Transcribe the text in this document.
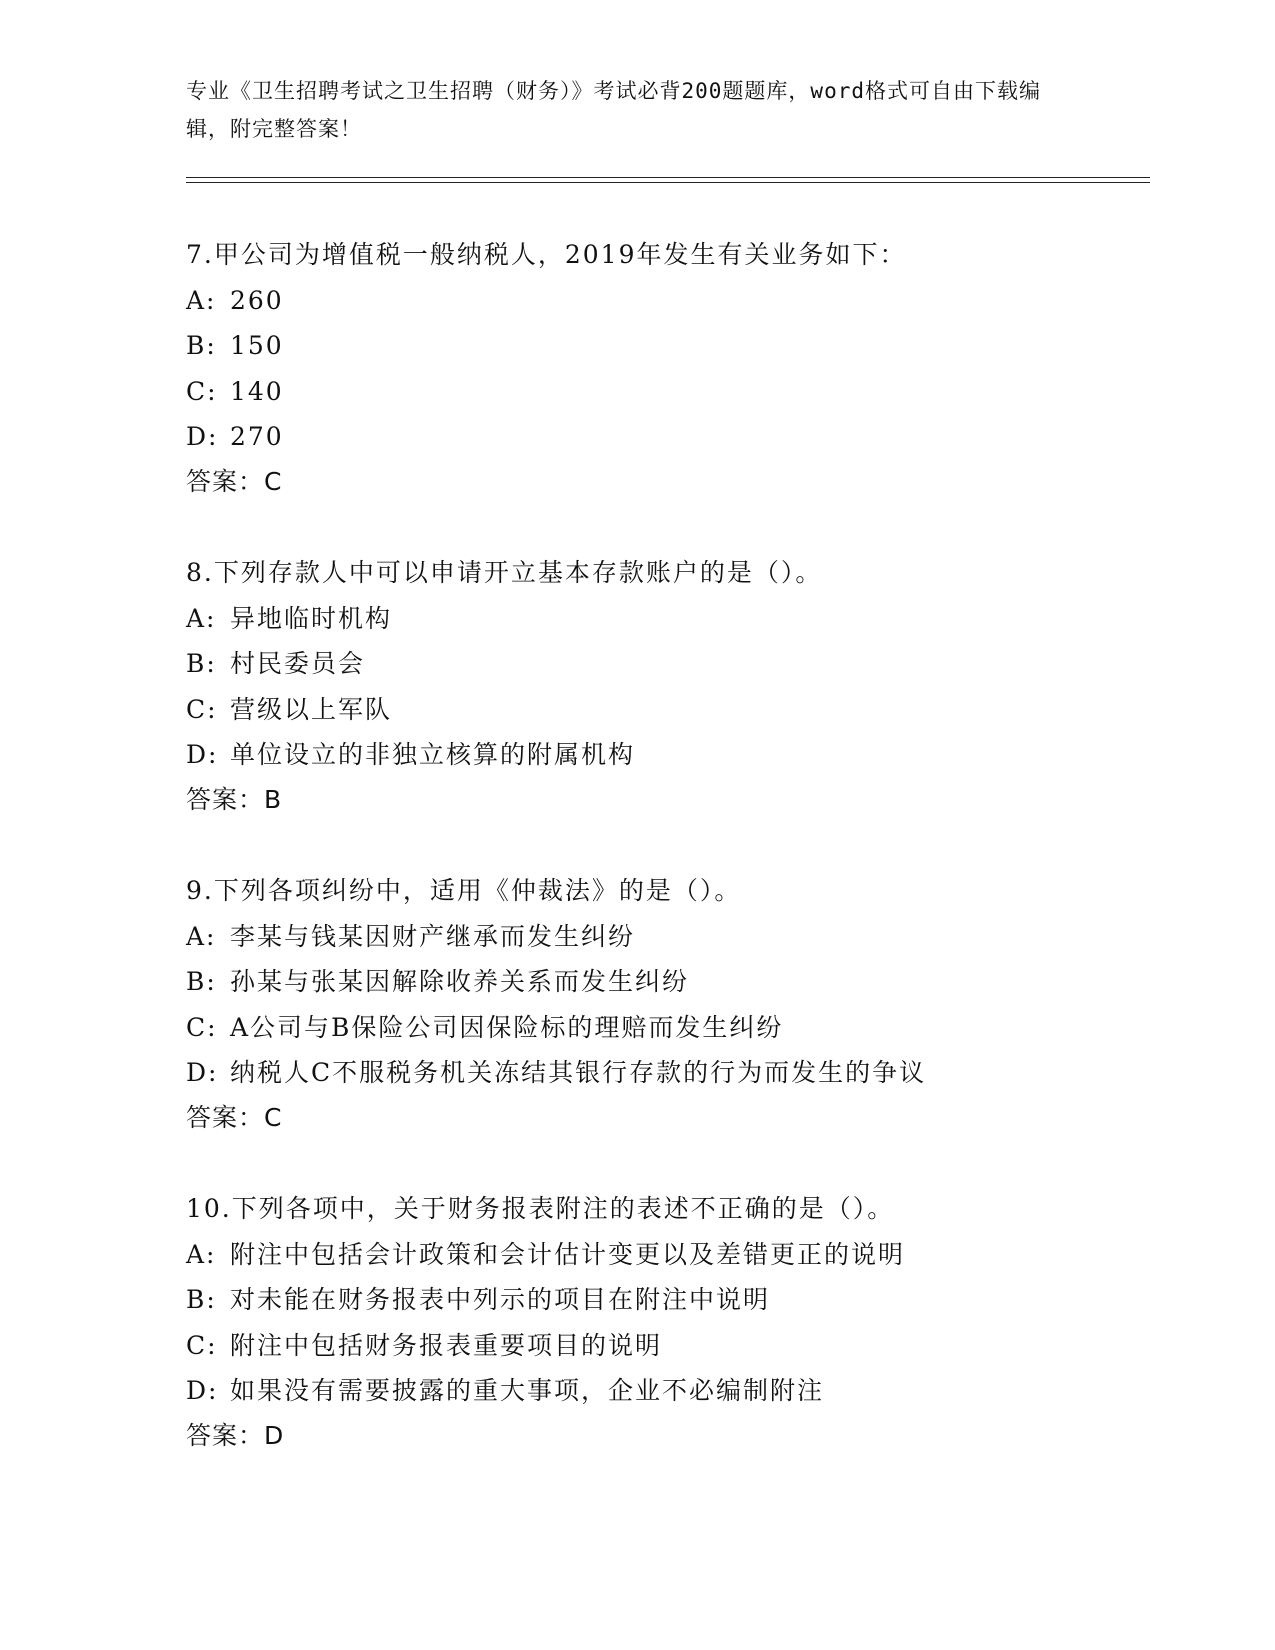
专业《卫生招聘考试之卫生招聘（财务）》考试必背200题题库，word格式可自由下载编辑，附完整答案！
7.甲公司为增值税一般纳税人，2019年发生有关业务如下：
A: 260
B: 150
C: 140
D: 270
答案：C
8.下列存款人中可以申请开立基本存款账户的是（）。
A: 异地临时机构
B: 村民委员会
C: 营级以上军队
D: 单位设立的非独立核算的附属机构
答案：B
9.下列各项纠纷中，适用《仲裁法》的是（）。
A: 李某与钱某因财产继承而发生纠纷
B: 孙某与张某因解除收养关系而发生纠纷
C: A公司与B保险公司因保险标的理赔而发生纠纷
D: 纳税人C不服税务机关冻结其银行存款的行为而发生的争议
答案：C
10.下列各项中，关于财务报表附注的表述不正确的是（）。
A: 附注中包括会计政策和会计估计变更以及差错更正的说明
B: 对未能在财务报表中列示的项目在附注中说明
C: 附注中包括财务报表重要项目的说明
D: 如果没有需要披露的重大事项，企业不必编制附注
答案：D
